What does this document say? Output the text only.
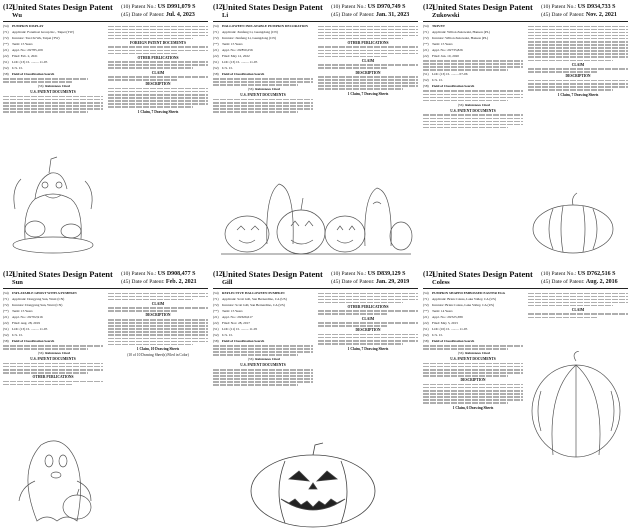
(12)
United States Design Patent
Wu
(10) Patent No.: US D991,079 S
(45) Date of Patent: Jul. 4, 2023
(54) PUMPKIN DISPLAY
(71) Applicant: Foremost Group Inc., Taipei (TW)
(72) Inventor: Tai-Chi Wu, Taipei (TW)
(**) Term: 15 Years
(21) Appl. No.: 29/785,109
(22) Filed: Feb. 2, 2021
(51) LOC (13) Cl. ......... 11-05
(52) U.S. Cl.
(58) Field of Classification Search
(56) References Cited
U.S. PATENT DOCUMENTS
FOREIGN PATENT DOCUMENTS
OTHER PUBLICATIONS
CLAIM
DESCRIPTION
1 Claim, 7 Drawing Sheets
(12)
United States Design Patent
Li
(10) Patent No.: US D970,749 S
(45) Date of Patent: Jan. 31, 2023
(54) HALLOWEEN INFLATABLE PUMPKIN DECORATION
(71) Applicant: Jianfeng Li, Guangdong (CN)
(72) Inventor: Jianfeng Li, Guangdong (CN)
(**) Term: 15 Years
(21) Appl. No.: 29/850,256
(22) Filed: May 12, 2022
(51) LOC (13) Cl. ......... 11-05
(52) U.S. Cl.
(58) Field of Classification Search
(56) References Cited
U.S. PATENT DOCUMENTS
OTHER PUBLICATIONS
CLAIM
DESCRIPTION
1 Claim, 7 Drawing Sheets
(12)
United States Design Patent
Zukowski
(10) Patent No.: US D934,733 S
(45) Date of Patent: Nov. 2, 2021
(54) TRIVET
(71) Applicant: Wilton Zukowski, Hanson (PL)
(72) Inventor: Wilton Zukowski, Hanson (PL)
(**) Term: 15 Years
(21) Appl. No.: 29/735,826
(22) Filed: Jun. 10, 2020
(51) LOC (13) Cl. ......... 07-06
(52) U.S. Cl.
(58) Field of Classification Search
(56) References Cited
U.S. PATENT DOCUMENTS
CLAIM
DESCRIPTION
1 Claim, 7 Drawing Sheets
(12)
United States Design Patent
Sun
(10) Patent No.: US D908,477 S
(45) Date of Patent: Feb. 2, 2021
(54) INFLATABLE GHOST WITH A PUMPKIN
(71) Applicant: Dongyang Sun, Wuxi (CN)
(72) Inventor: Dongyang Sun, Wuxi (CN)
(**) Term: 15 Years
(21) Appl. No.: 29/702,916
(22) Filed: Aug. 28, 2019
(51) LOC (13) Cl. ......... 11-05
(52) U.S. Cl.
(58) Field of Classification Search
(56) References Cited
U.S. PATENT DOCUMENTS
OTHER PUBLICATIONS
CLAIM
DESCRIPTION
1 Claim, 10 Drawing Sheets
(10 of 10 Drawing Sheet(s) Filed in Color)
(12)
United States Design Patent
Gill
(10) Patent No.: US D839,129 S
(45) Date of Patent: Jan. 29, 2019
(54) REFLECTIVE HALLOWEEN PUMPKIN
(71) Applicant: Scott Gill, San Bernardino, CA (US)
(72) Inventor: Scott Gill, San Bernardino, CA (US)
(**) Term: 15 Years
(21) Appl. No.: 29/626,617
(22) Filed: Nov. 28, 2017
(51) LOC (11) Cl. ......... 11-05
(52) U.S. Cl.
(58) Field of Classification Search
(56) References Cited
U.S. PATENT DOCUMENTS
OTHER PUBLICATIONS
CLAIM
DESCRIPTION
1 Claim, 7 Drawing Sheets
(12)
United States Design Patent
Coless
(10) Patent No.: US D762,516 S
(45) Date of Patent: Aug. 2, 2016
(54) PUMPKIN SHAPED EMBOSSED EASTER EGG
(71) Applicant: Brian Coless, Lake Valley, CA (US)
(72) Inventor: Brian Coless, Lake Valley, CA (US)
(**) Term: 14 Years
(21) Appl. No.: 29/525,389
(22) Filed: May 5, 2015
(51) LOC (10) Cl. ......... 11-05
(52) U.S. Cl.
(58) Field of Classification Search
(56) References Cited
U.S. PATENT DOCUMENTS
DESCRIPTION
1 Claim, 6 Drawing Sheets
CLAIM
